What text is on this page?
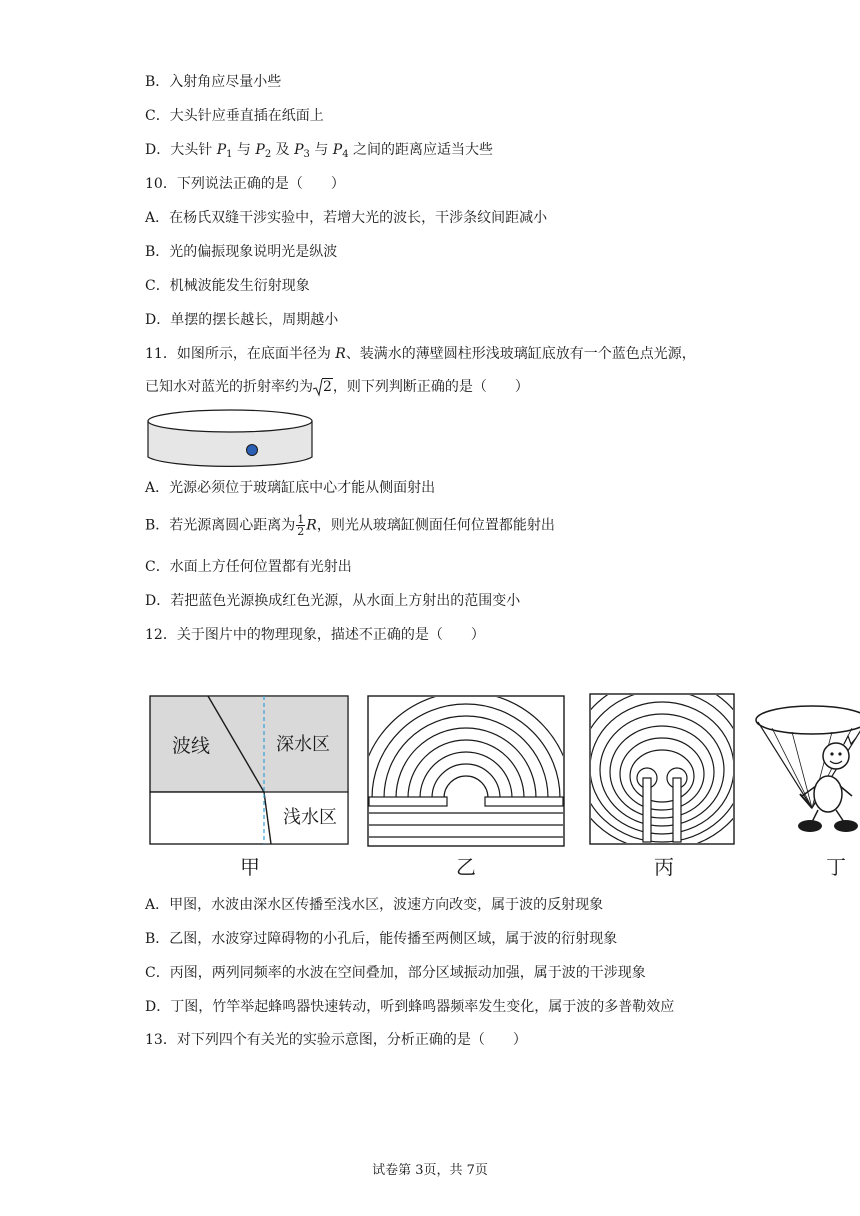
B．入射角应尽量小些
C．大头针应垂直插在纸面上
D．大头针 $P_1$ 与 $P_2$ 及 $P_3$ 与 $P_4$ 之间的距离应适当大些
10．下列说法正确的是（　　）
A．在杨氏双缝干涉实验中，若增大光的波长，干涉条纹间距减小
B．光的偏振现象说明光是纵波
C．机械波能发生衍射现象
D．单摆的摆长越长，周期越小
11．如图所示，在底面半径为 R、装满水的薄壁圆柱形浅玻璃缸底放有一个蓝色点光源，
已知水对蓝光的折射率约为 2，则下列判断正确的是（　　）
A．光源必须位于玻璃缸底中心才能从侧面射出
B．若光源离圆心距离为 $\frac{1}{2}$ R，则光从玻璃缸侧面任何位置都能射出
C．水面上方任何位置都有光射出
D．若把蓝色光源换成红色光源，从水面上方射出的范围变小
12．关于图片中的物理现象，描述不正确的是（　　）
波线	深水区
浅水区
甲	乙	丙	丁
A．甲图，水波由深水区传播至浅水区，波速方向改变，属于波的反射现象
B．乙图，水波穿过障碍物的小孔后，能传播至两侧区域，属于波的衍射现象
C．丙图，两列同频率的水波在空间叠加，部分区域振动加强，属于波的干涉现象
D．丁图，竹竿举起蜂鸣器快速转动，听到蜂鸣器频率发生变化，属于波的多普勒效应
13．对下列四个有关光的实验示意图，分析正确的是（　　）
试卷第 3页，共 7页
